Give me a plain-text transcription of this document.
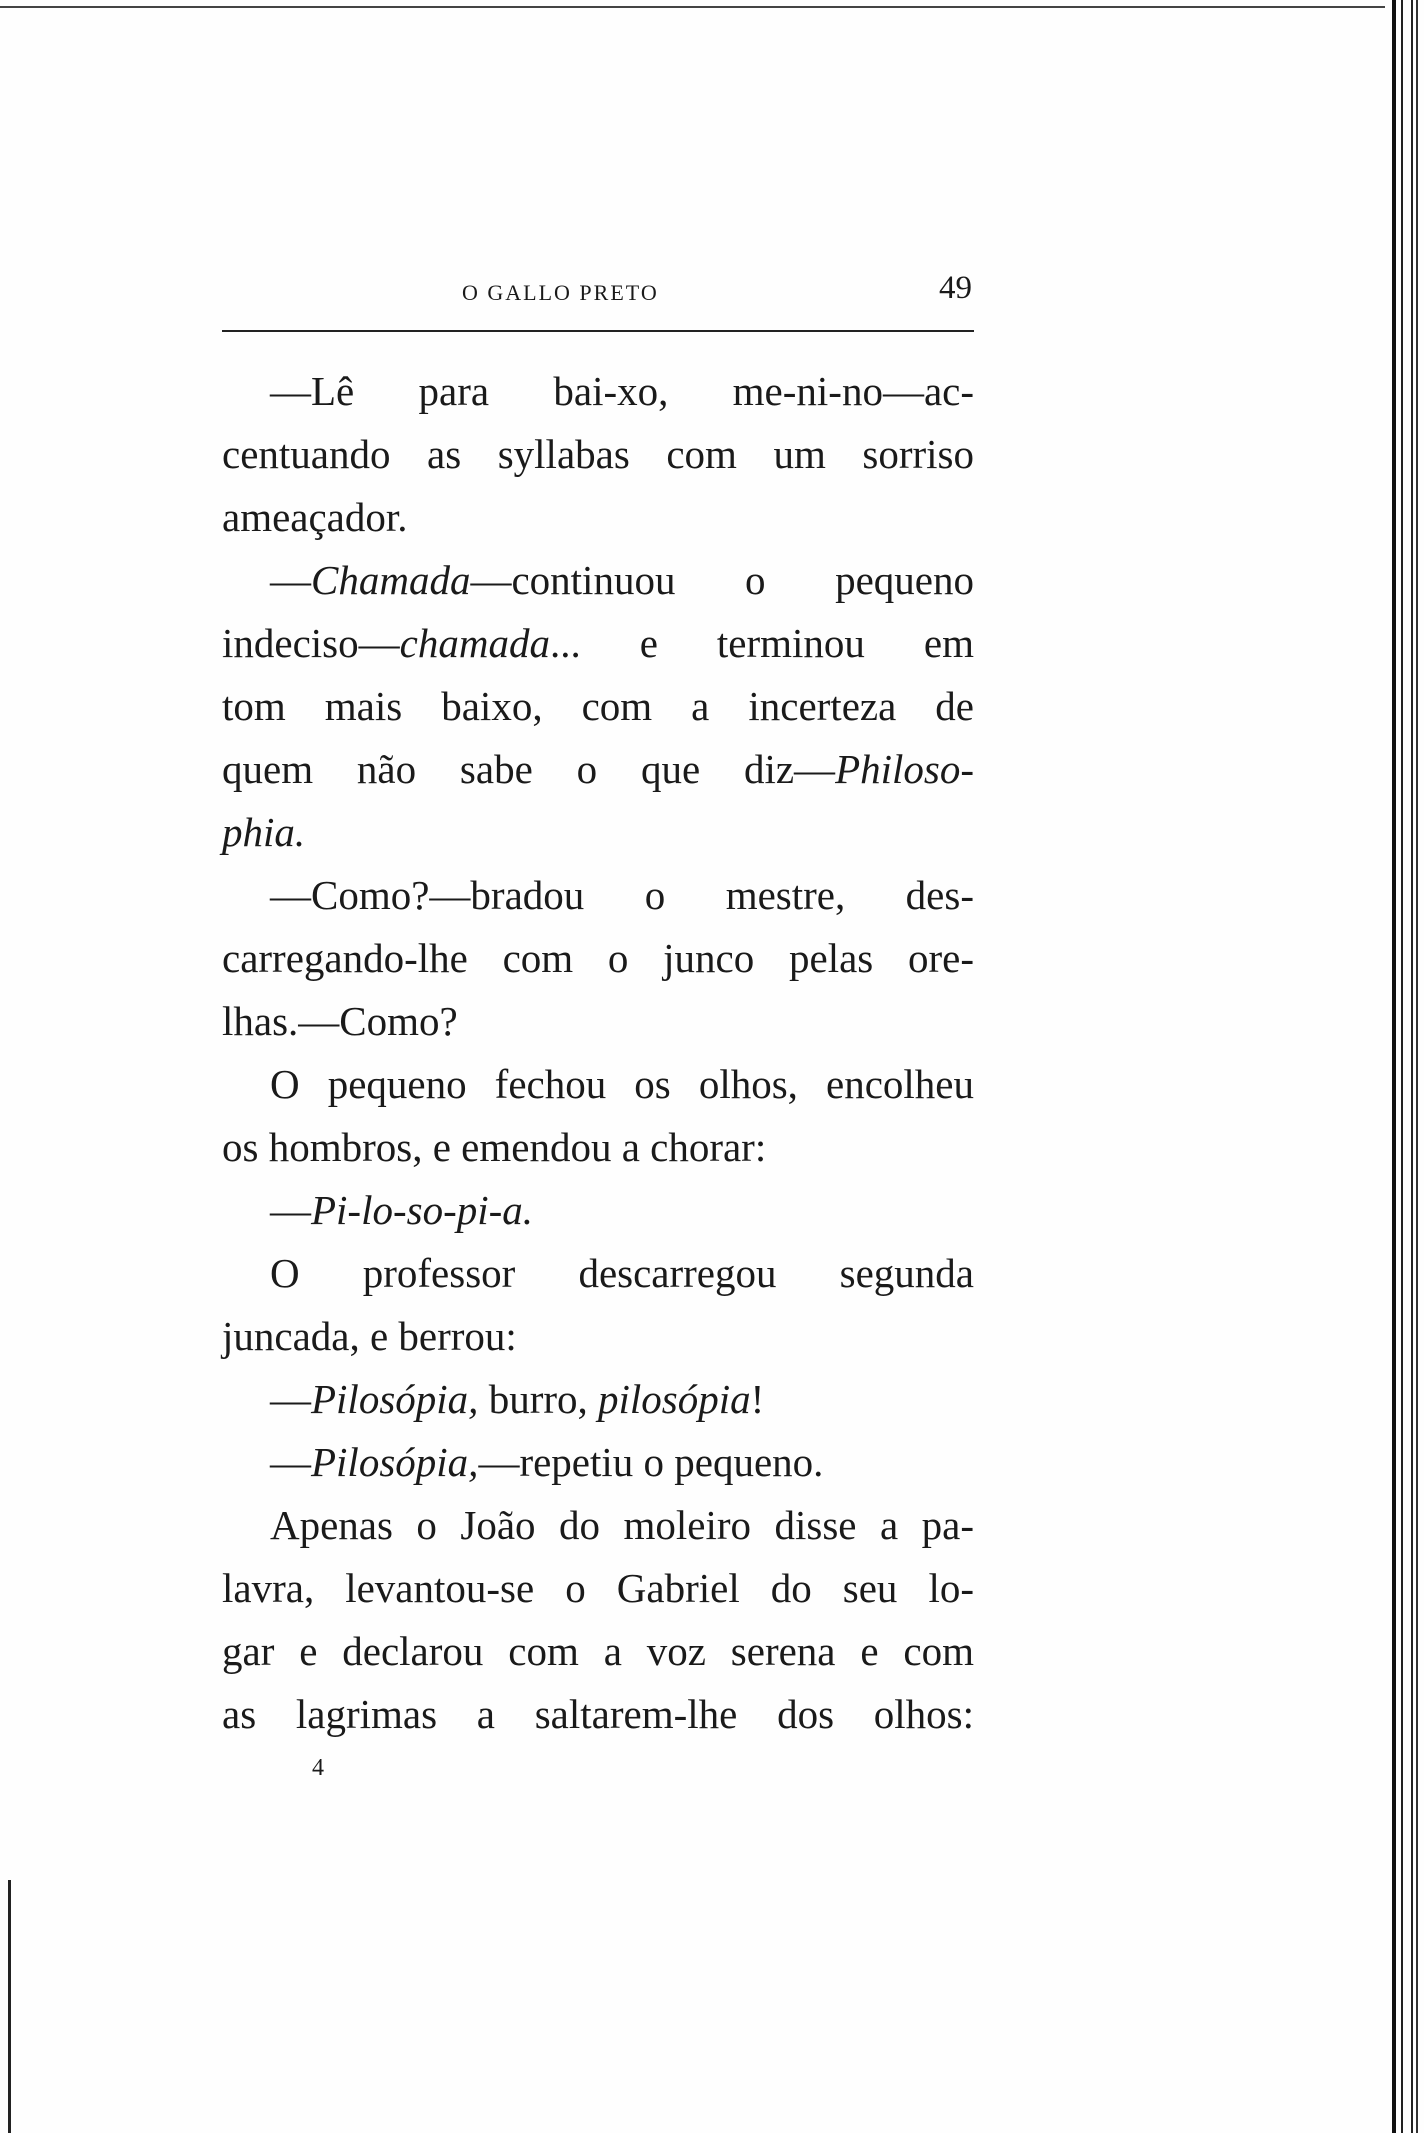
O GALLO PRETO	49
—Lê para bai-xo, me-ni-no—ac-
centuando as syllabas com um sorriso
ameaçador.
—Chamada—continuou o pequeno
indeciso—chamada... e terminou em
tom mais baixo, com a incerteza de
quem não sabe o que diz—Philoso-
phia.
—Como?—bradou o mestre, des-
carregando-lhe com o junco pelas ore-
lhas.—Como?
O pequeno fechou os olhos, encolheu
os hombros, e emendou a chorar:
—Pi-lo-so-pi-a.
O professor descarregou segunda
juncada, e berrou:
—Pilosópia, burro, pilosópia!
—Pilosópia,—repetiu o pequeno.
Apenas o João do moleiro disse a pa-
lavra, levantou-se o Gabriel do seu lo-
gar e declarou com a voz serena e com
as lagrimas a saltarem-lhe dos olhos:
4
